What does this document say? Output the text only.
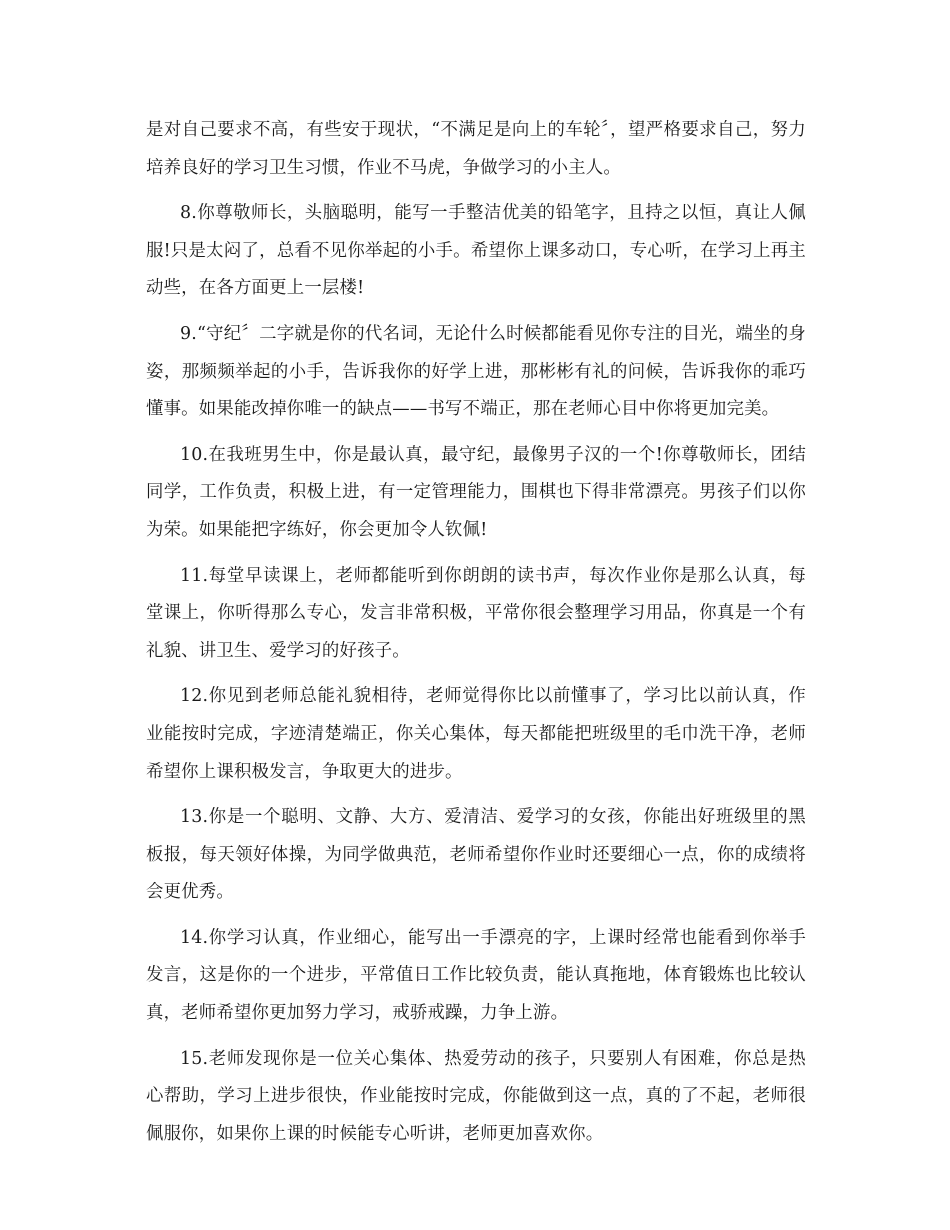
是对自己要求不高，有些安于现状，“不满足是向上的车轮〞，望严格要求自己，努力培养良好的学习卫生习惯，作业不马虎，争做学习的小主人。

8.你尊敬师长，头脑聪明，能写一手整洁优美的铅笔字，且持之以恒，真让人佩服!只是太闷了，总看不见你举起的小手。希望你上课多动口，专心听，在学习上再主动些，在各方面更上一层楼!

9.“守纪〞二字就是你的代名词，无论什么时候都能看见你专注的目光，端坐的身姿，那频频举起的小手，告诉我你的好学上进，那彬彬有礼的问候，告诉我你的乖巧懂事。如果能改掉你唯一的缺点——书写不端正，那在老师心目中你将更加完美。

10.在我班男生中，你是最认真，最守纪，最像男子汉的一个!你尊敬师长，团结同学，工作负责，积极上进，有一定管理能力，围棋也下得非常漂亮。男孩子们以你为荣。如果能把字练好，你会更加令人钦佩!

11.每堂早读课上，老师都能听到你朗朗的读书声，每次作业你是那么认真，每堂课上，你听得那么专心，发言非常积极，平常你很会整理学习用品，你真是一个有礼貌、讲卫生、爱学习的好孩子。

12.你见到老师总能礼貌相待，老师觉得你比以前懂事了，学习比以前认真，作业能按时完成，字迹清楚端正，你关心集体，每天都能把班级里的毛巾洗干净，老师希望你上课积极发言，争取更大的进步。

13.你是一个聪明、文静、大方、爱清洁、爱学习的女孩，你能出好班级里的黑板报，每天领好体操，为同学做典范，老师希望你作业时还要细心一点，你的成绩将会更优秀。

14.你学习认真，作业细心，能写出一手漂亮的字，上课时经常也能看到你举手发言，这是你的一个进步，平常值日工作比较负责，能认真拖地，体育锻炼也比较认真，老师希望你更加努力学习，戒骄戒躁，力争上游。

15.老师发现你是一位关心集体、热爱劳动的孩子，只要别人有困难，你总是热心帮助，学习上进步很快，作业能按时完成，你能做到这一点，真的了不起，老师很佩服你，如果你上课的时候能专心听讲，老师更加喜欢你。
